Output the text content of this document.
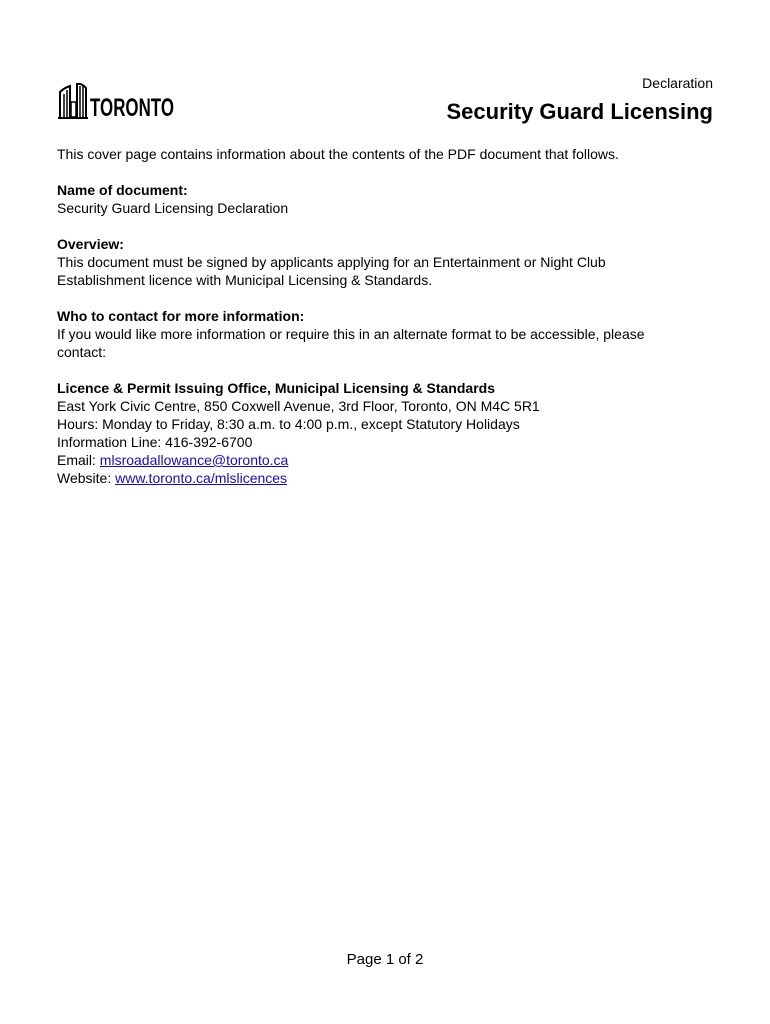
TORONTO
Declaration
Security Guard Licensing

This cover page contains information about the contents of the PDF document that follows.

Name of document:

Security Guard Licensing Declaration

Overview:

This document must be signed by applicants applying for an Entertainment or Night Club

Establishment licence with Municipal Licensing & Standards.

Who to contact for more information:

If you would like more information or require this in an alternate format to be accessible, please

contact:

Licence & Permit Issuing Office, Municipal Licensing & Standards

East York Civic Centre, 850 Coxwell Avenue, 3rd Floor, Toronto, ON M4C 5R1

Hours: Monday to Friday, 8:30 a.m. to 4:00 p.m., except Statutory Holidays

Information Line: 416-392-6700

Email: mlsroadallowance@toronto.ca

Website: www.toronto.ca/mlslicences

Page 1 of 2
